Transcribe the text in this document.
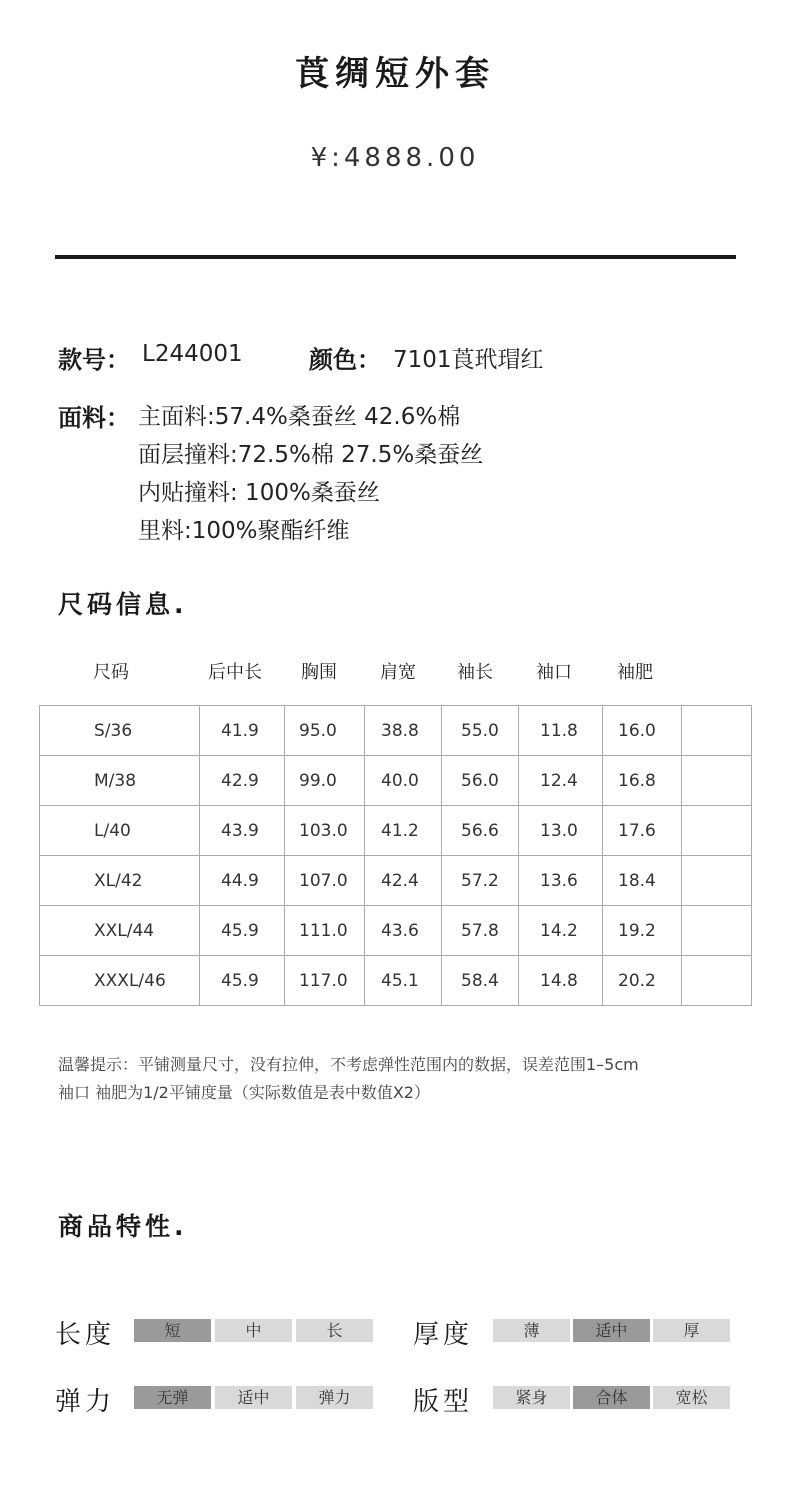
莨绸短外套
¥:4888.00
款号： L244001	颜色： 7101莨玳瑁红
面料： 主面料:57.4%桑蚕丝 42.6%棉
面层撞料:72.5%棉 27.5%桑蚕丝
内贴撞料: 100%桑蚕丝
里料:100%聚酯纤维
尺码信息.
尺码	后中长 胸围 肩宽 袖长 袖口	袖肥
S/36	41.9	95.0	38.8	55.0	11.8	16.0	
M/38	42.9	99.0	40.0	56.0	12.4	16.8	
L/40	43.9	103.0	41.2	56.6	13.0	17.6	
XL/42	44.9	107.0	42.4	57.2	13.6	18.4	
XXL/44	45.9	111.0	43.6	57.8	14.2	19.2	
XXXL/46	45.9	117.0	45.1	58.4	14.8	20.2	
温馨提示：平铺测量尺寸，没有拉伸，不考虑弹性范围内的数据，误差范围1–5cm
袖口 袖肥为1/2平铺度量（实际数值是表中数值X2）
商品特性.
长度	短	中	长	厚度	薄	适中	厚
弹力	无弹	适中	弹力	版型	紧身	合体	宽松
